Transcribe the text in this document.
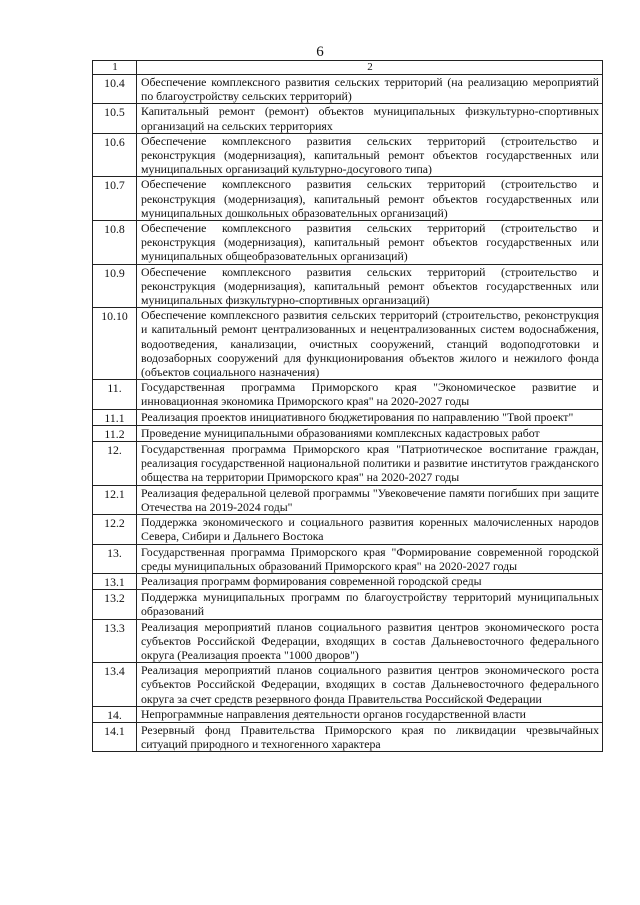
6
1	2
10.4	Обеспечение комплексного развития сельских территорий (на реализацию мероприятий по благоустройству сельских территорий)
10.5	Капитальный ремонт (ремонт) объектов муниципальных физкультурно-спортивных организаций на сельских территориях
10.6	Обеспечение комплексного развития сельских территорий (строительство и реконструкция (модернизация), капитальный ремонт объектов государственных или муниципальных организаций культурно-досугового типа)
10.7	Обеспечение комплексного развития сельских территорий (строительство и реконструкция (модернизация), капитальный ремонт объектов государственных или муниципальных дошкольных образовательных организаций)
10.8	Обеспечение комплексного развития сельских территорий (строительство и реконструкция (модернизация), капитальный ремонт объектов государственных или муниципальных общеобразовательных организаций)
10.9	Обеспечение комплексного развития сельских территорий (строительство и реконструкция (модернизация), капитальный ремонт объектов государственных или муниципальных физкультурно-спортивных организаций)
10.10	Обеспечение комплексного развития сельских территорий (строительство, реконструкция и капитальный ремонт централизованных и нецентрализованных систем водоснабжения, водоотведения, канализации, очистных сооружений, станций водоподготовки и водозаборных сооружений для функционирования объектов жилого и нежилого фонда (объектов социального назначения)
11.	Государственная программа Приморского края "Экономическое развитие и инновационная экономика Приморского края" на 2020-2027 годы
11.1	Реализация проектов инициативного бюджетирования по направлению "Твой проект"
11.2	Проведение муниципальными образованиями комплексных кадастровых работ
12.	Государственная программа Приморского края "Патриотическое воспитание граждан, реализация государственной национальной политики и развитие институтов гражданского общества на территории Приморского края" на 2020-2027 годы
12.1	Реализация федеральной целевой программы "Увековечение памяти погибших при защите Отечества на 2019-2024 годы"
12.2	Поддержка экономического и социального развития коренных малочисленных народов Севера, Сибири и Дальнего Востока
13.	Государственная программа Приморского края "Формирование современной городской среды муниципальных образований Приморского края" на 2020-2027 годы
13.1	Реализация программ формирования современной городской среды
13.2	Поддержка муниципальных программ по благоустройству территорий муниципальных образований
13.3	Реализация мероприятий планов социального развития центров экономического роста субъектов Российской Федерации, входящих в состав Дальневосточного федерального округа (Реализация проекта "1000 дворов")
13.4	Реализация мероприятий планов социального развития центров экономического роста субъектов Российской Федерации, входящих в состав Дальневосточного федерального округа за счет средств резервного фонда Правительства Российской Федерации
14.	Непрограммные направления деятельности органов государственной власти
14.1	Резервный фонд Правительства Приморского края по ликвидации чрезвычайных ситуаций природного и техногенного характера
